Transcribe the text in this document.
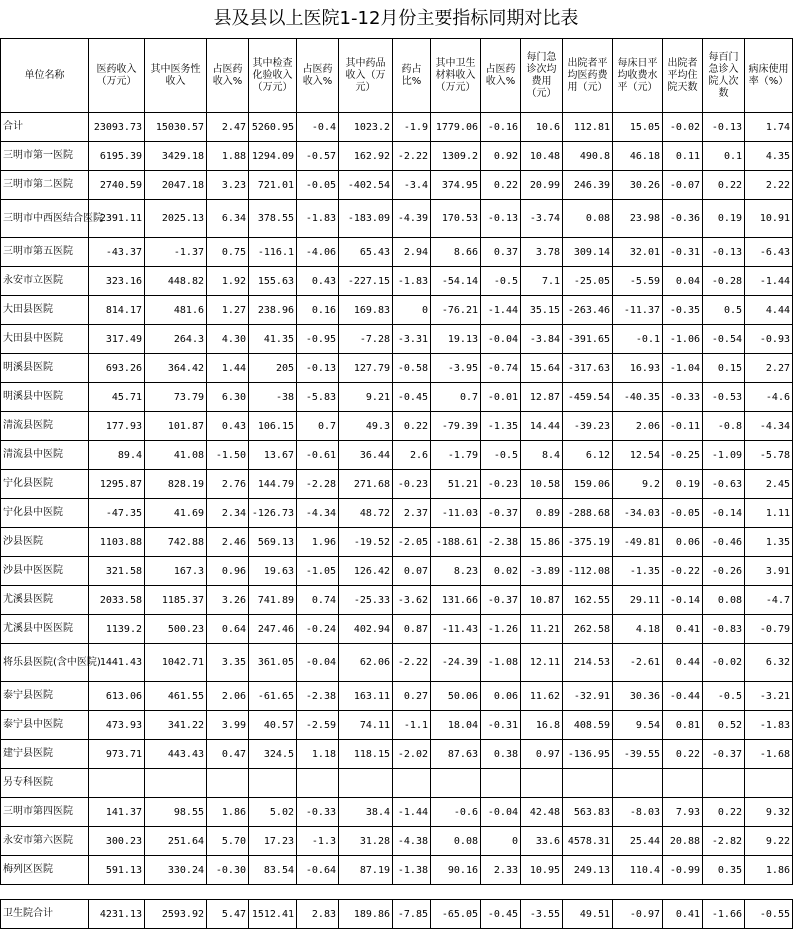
县及县以上医院1-12月份主要指标同期对比表
单位名称	医药收入（万元）	其中医务性收入	占医药收入%	其中检查化验收入（万元）	占医药收入%	其中药品收入（万元）	药占比%	其中卫生材料收入（万元）	占医药收入%	每门急诊次均费用（元）	出院者平均医药费用（元）	每床日平均收费水平（元）	出院者平均住院天数	每百门急诊入院人次数	病床使用率（%）
合计	23093.73	15030.57	2.47	5260.95	-0.4	1023.2	-1.9	1779.06	-0.16	10.6	112.81	15.05	-0.02	-0.13	1.74
三明市第一医院	6195.39	3429.18	1.88	1294.09	-0.57	162.92	-2.22	1309.2	0.92	10.48	490.8	46.18	0.11	0.1	4.35
三明市第二医院	2740.59	2047.18	3.23	721.01	-0.05	-402.54	-3.4	374.95	0.22	20.99	246.39	30.26	-0.07	0.22	2.22
三明市中西医结合医院	2391.11	2025.13	6.34	378.55	-1.83	-183.09	-4.39	170.53	-0.13	-3.74	0.08	23.98	-0.36	0.19	10.91
三明市第五医院	-43.37	-1.37	0.75	-116.1	-4.06	65.43	2.94	8.66	0.37	3.78	309.14	32.01	-0.31	-0.13	-6.43
永安市立医院	323.16	448.82	1.92	155.63	0.43	-227.15	-1.83	-54.14	-0.5	7.1	-25.05	-5.59	0.04	-0.28	-1.44
大田县医院	814.17	481.6	1.27	238.96	0.16	169.83	0	-76.21	-1.44	35.15	-263.46	-11.37	-0.35	0.5	4.44
大田县中医院	317.49	264.3	4.30	41.35	-0.95	-7.28	-3.31	19.13	-0.04	-3.84	-391.65	-0.1	-1.06	-0.54	-0.93
明溪县医院	693.26	364.42	1.44	205	-0.13	127.79	-0.58	-3.95	-0.74	15.64	-317.63	16.93	-1.04	0.15	2.27
明溪县中医院	45.71	73.79	6.30	-38	-5.83	9.21	-0.45	0.7	-0.01	12.87	-459.54	-40.35	-0.33	-0.53	-4.6
清流县医院	177.93	101.87	0.43	106.15	0.7	49.3	0.22	-79.39	-1.35	14.44	-39.23	2.06	-0.11	-0.8	-4.34
清流县中医院	89.4	41.08	-1.50	13.67	-0.61	36.44	2.6	-1.79	-0.5	8.4	6.12	12.54	-0.25	-1.09	-5.78
宁化县医院	1295.87	828.19	2.76	144.79	-2.28	271.68	-0.23	51.21	-0.23	10.58	159.06	9.2	0.19	-0.63	2.45
宁化县中医院	-47.35	41.69	2.34	-126.73	-4.34	48.72	2.37	-11.03	-0.37	0.89	-288.68	-34.03	-0.05	-0.14	1.11
沙县医院	1103.88	742.88	2.46	569.13	1.96	-19.52	-2.05	-188.61	-2.38	15.86	-375.19	-49.81	0.06	-0.46	1.35
沙县中医医院	321.58	167.3	0.96	19.63	-1.05	126.42	0.07	8.23	0.02	-3.89	-112.08	-1.35	-0.22	-0.26	3.91
尤溪县医院	2033.58	1185.37	3.26	741.89	0.74	-25.33	-3.62	131.66	-0.37	10.87	162.55	29.11	-0.14	0.08	-4.7
尤溪县中医医院	1139.2	500.23	0.64	247.46	-0.24	402.94	0.87	-11.43	-1.26	11.21	262.58	4.18	0.41	-0.83	-0.79
将乐县医院(含中医院)	1441.43	1042.71	3.35	361.05	-0.04	62.06	-2.22	-24.39	-1.08	12.11	214.53	-2.61	0.44	-0.02	6.32
泰宁县医院	613.06	461.55	2.06	-61.65	-2.38	163.11	0.27	50.06	0.06	11.62	-32.91	30.36	-0.44	-0.5	-3.21
泰宁县中医院	473.93	341.22	3.99	40.57	-2.59	74.11	-1.1	18.04	-0.31	16.8	408.59	9.54	0.81	0.52	-1.83
建宁县医院	973.71	443.43	0.47	324.5	1.18	118.15	-2.02	87.63	0.38	0.97	-136.95	-39.55	0.22	-0.37	-1.68
另专科医院															
三明市第四医院	141.37	98.55	1.86	5.02	-0.33	38.4	-1.44	-0.6	-0.04	42.48	563.83	-8.03	7.93	0.22	9.32
永安市第六医院	300.23	251.64	5.70	17.23	-1.3	31.28	-4.38	0.08	0	33.6	4578.31	25.44	20.88	-2.82	9.22
梅列区医院	591.13	330.24	-0.30	83.54	-0.64	87.19	-1.38	90.16	2.33	10.95	249.13	110.4	-0.99	0.35	1.86

卫生院合计	4231.13	2593.92	5.47	1512.41	2.83	189.86	-7.85	-65.05	-0.45	-3.55	49.51	-0.97	0.41	-1.66	-0.55
